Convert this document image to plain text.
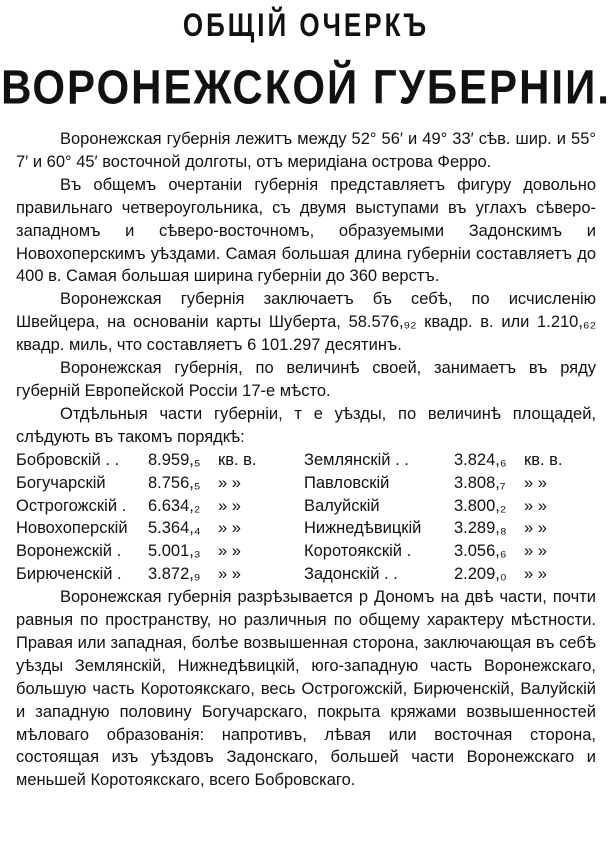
ОБЩІЙ ОЧЕРКЪ
ВОРОНЕЖСКОЙ ГУБЕРНІИ.

Воронежская губернія лежитъ между 52° 56′ и 49° 33′ сѣв. шир. и 55° 7′ и 60° 45′ восточной долготы, отъ меридіана острова Ферро.

Въ общемъ очертаніи губернія представляетъ фигуру довольно правильнаго четвероугольника, съ двумя выступами въ углахъ сѣверо-западномъ и сѣверо-восточномъ, образуемыми Задонскимъ и Новохоперскимъ уѣздами. Самая большая длина губерніи составляетъ до 400 в. Самая большая ширина губерніи до 360 верстъ.

Воронежская губернія заключаетъ бъ себѣ, по исчисленію Швейцера, на основаніи карты Шуберта, 58.576,₉₂ квадр. в. или 1.210,₆₂ квадр. миль, что составляетъ 6 101.297 десятинъ.

Воронежская губернія, по величинѣ своей, занимаетъ въ ряду губерній Европейской Россіи 17-е мѣсто.

Отдѣльныя части губерніи, т е уѣзды, по величинѣ площадей, слѣдують въ такомъ порядкѣ:

Бобровскій . .	8.959,₅	кв. в.	Землянскій . .	3.824,₆	кв. в.
Богучарскій	8.756,₅	» »	Павловскій	3.808,₇	» »
Острогожскій .	6.634,₂	» »	Валуйскій	3.800,₂	» »
Новохоперскій	5.364,₄	» »	Нижнедѣвицкій	3.289,₈	» »
Воронежскій .	5.001,₃	» »	Коротоякскій .	3.056,₆	» »
Бирюченскій .	3.872,₉	» »	Задонскій . .	2.209,₀	» »

Воронежская губернія разрѣзывается р Дономъ на двѣ части, почти равныя по пространству, но различныя по общему характеру мѣстности. Правая или западная, болѣе возвышенная сторона, заключающая въ себѣ уѣзды Землянскій, Нижнедѣвицкій, юго-западную часть Воронежскаго, большую часть Коротоякскаго, весь Острогожскій, Бирюченскій, Валуйскій и западную половину Богучарскаго, покрыта кряжами возвышенностей мѣловаго образованія: напротивъ, лѣвая или восточная сторона, состоящая изъ уѣздовъ Задонскаго, большей части Воронежскаго и меньшей Коротоякскаго, всего Бобровскаго.
